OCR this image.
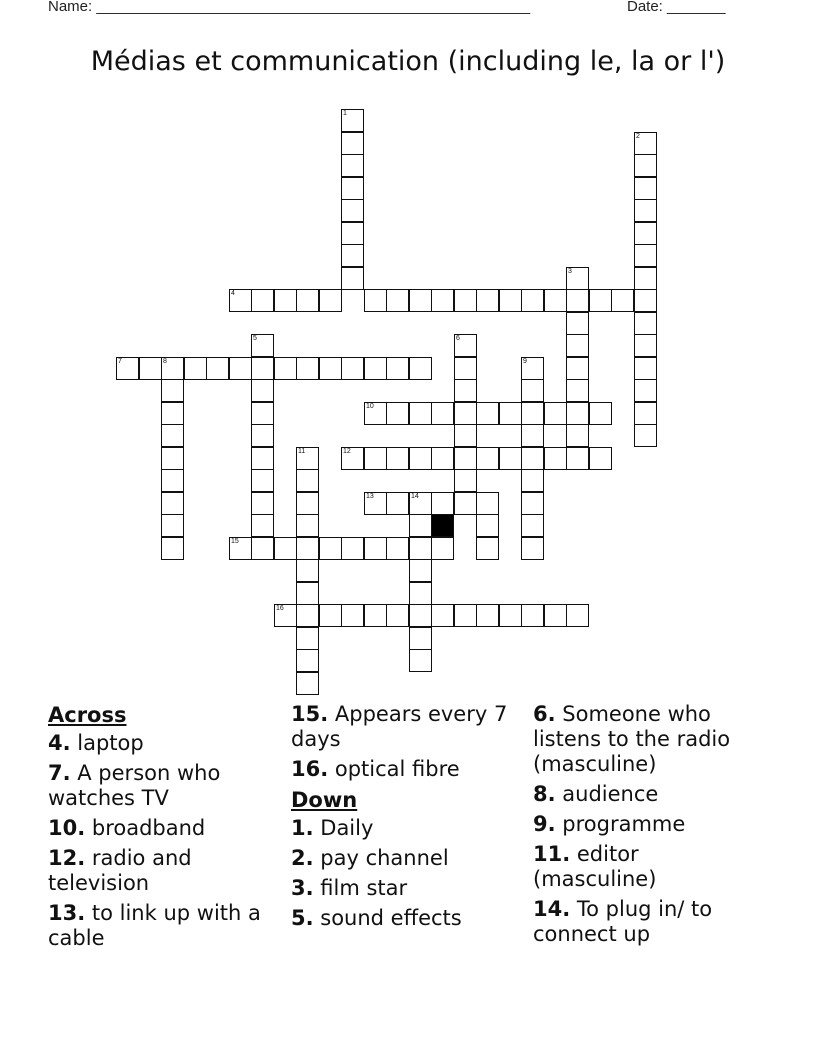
Name: ____________________________________________________	Date: _______
Médias et communication (including le, la or l')
1
2
3
4
5
7	8
6
9
10
11	12
13	14
15
16
Across
4. laptop
7. A person who watches TV
10. broadband
12. radio and television
13. to link up with a cable
15. Appears every 7 days
16. optical fibre
Down
1. Daily
2. pay channel
3. film star
5. sound effects
6. Someone who listens to the radio (masculine)
8. audience
9. programme
11. editor (masculine)
14. To plug in/ to connect up
